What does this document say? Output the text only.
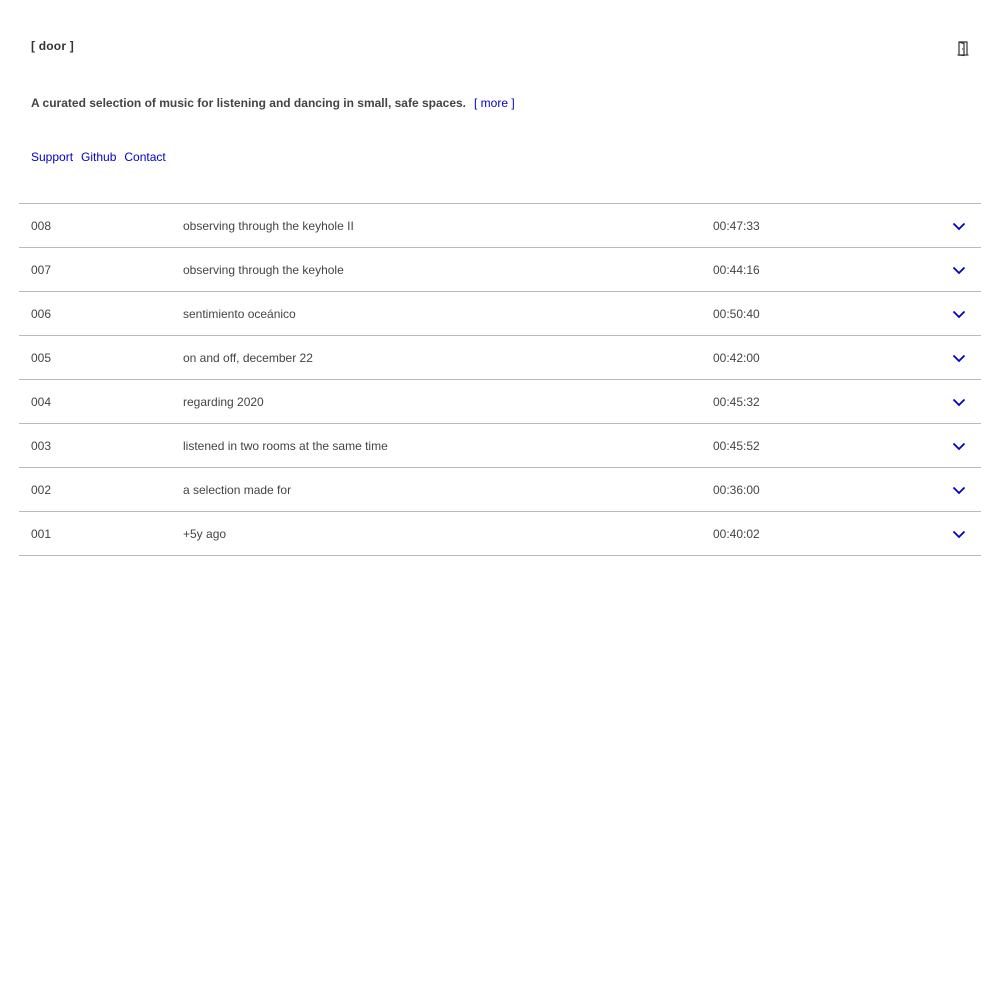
[ door ]
A curated selection of music for listening and dancing in small, safe spaces. [ more ]
Support Github Contact
008	observing through the keyhole II	00:47:33
007	observing through the keyhole	00:44:16
006	sentimiento oceánico	00:50:40
005	on and off, december 22	00:42:00
004	regarding 2020	00:45:32
003	listened in two rooms at the same time	00:45:52
002	a selection made for	00:36:00
001	+5y ago	00:40:02
